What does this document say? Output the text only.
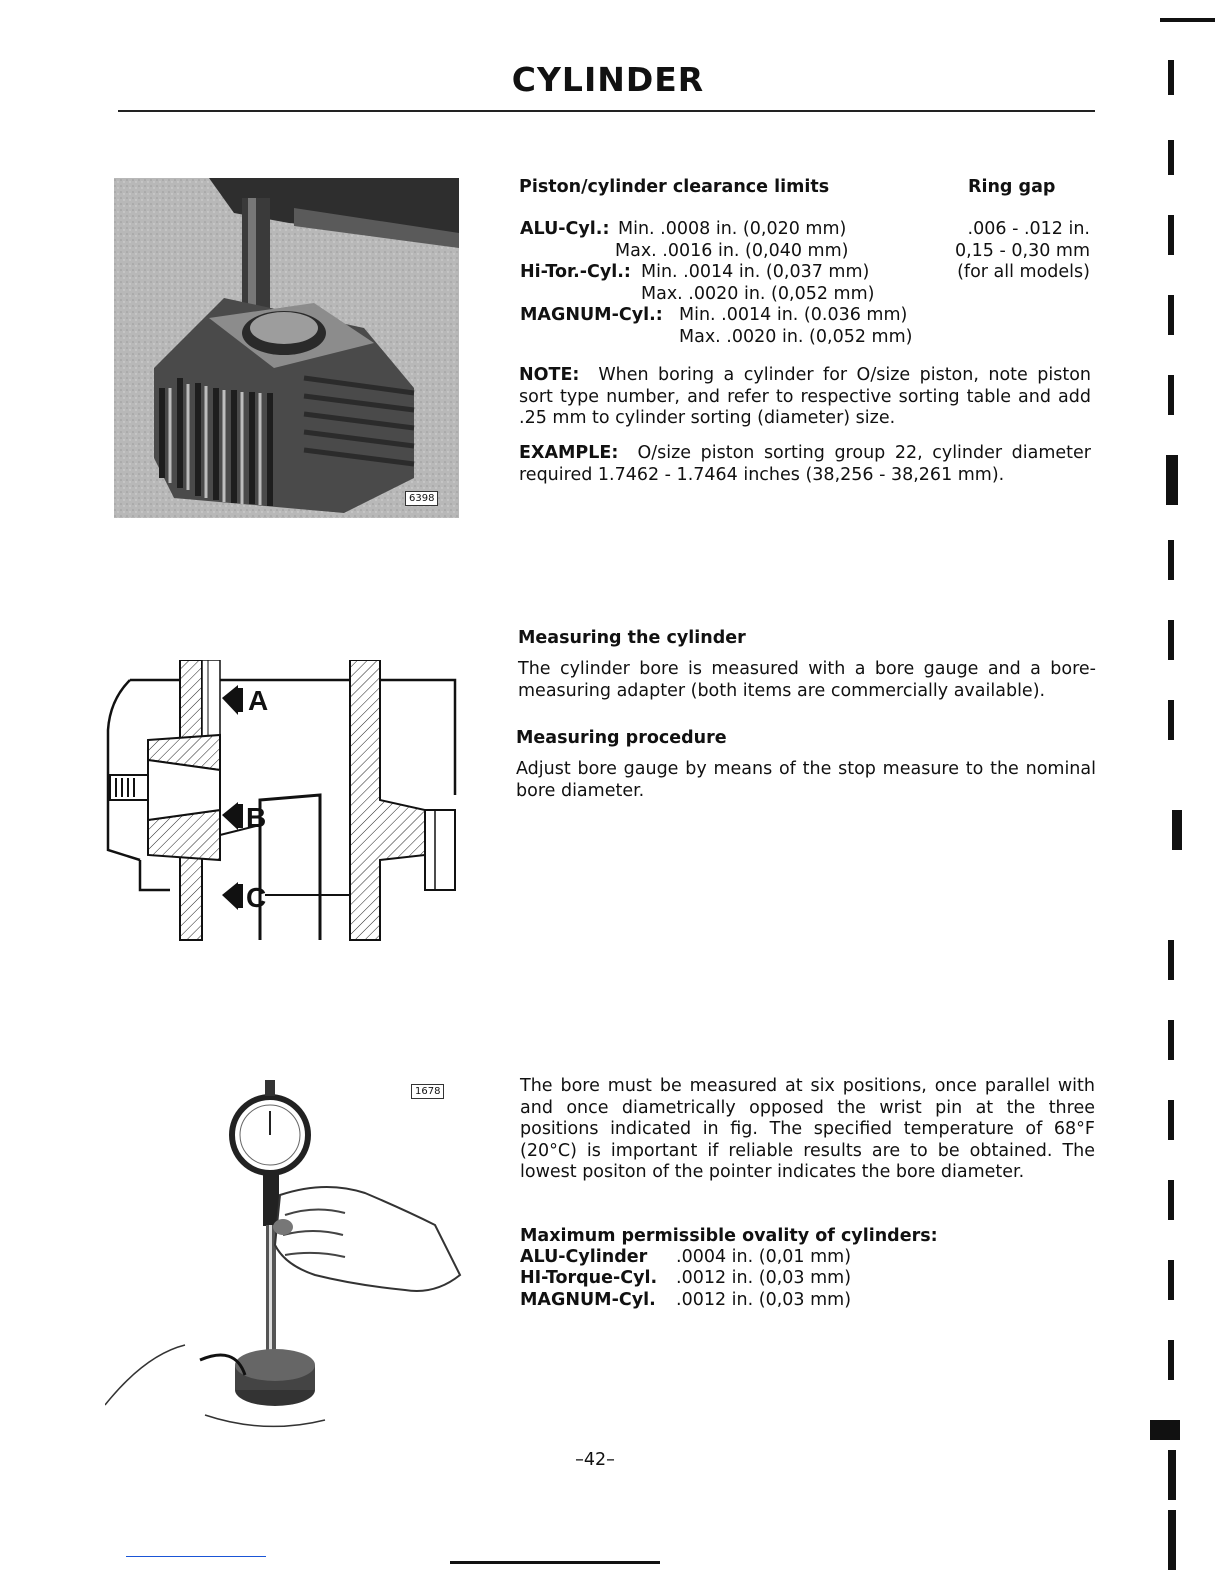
CYLINDER
6398
Piston/cylinder clearance limits	Ring gap
ALU-Cyl.: Min. .0008 in. (0,020 mm)
Max. .0016 in. (0,040 mm)
Hi-Tor.-Cyl.: Min. .0014 in. (0,037 mm)
Max. .0020 in. (0,052 mm)
MAGNUM-Cyl.: Min. .0014 in. (0.036 mm)
Max. .0020 in. (0,052 mm)
.006 - .012 in.
0,15 - 0,30 mm
(for all models)
NOTE: When boring a cylinder for O/size piston, note piston sort type number, and refer to respective sorting table and add .25 mm to cylinder sorting (diameter) size.
EXAMPLE: O/size piston sorting group 22, cylinder diameter required 1.7462 - 1.7464 inches (38,256 - 38,261 mm).
A
B
C
Measuring the cylinder
The cylinder bore is measured with a bore gauge and a bore-measuring adapter (both items are commercially available).
Measuring procedure
Adjust bore gauge by means of the stop measure to the nominal bore diameter.
1678	The bore must be measured at six positions, once parallel with and once diametrically opposed the wrist pin at the three positions indicated in fig. The specified temperature of 68°F (20°C) is important if reliable results are to be obtained. The lowest positon of the pointer indicates the bore diameter.
Maximum permissible ovality of cylinders:
ALU-Cylinder .0004 in. (0,01 mm)
HI-Torque-Cyl. .0012 in. (0,03 mm)
MAGNUM-Cyl. .0012 in. (0,03 mm)
–42–
